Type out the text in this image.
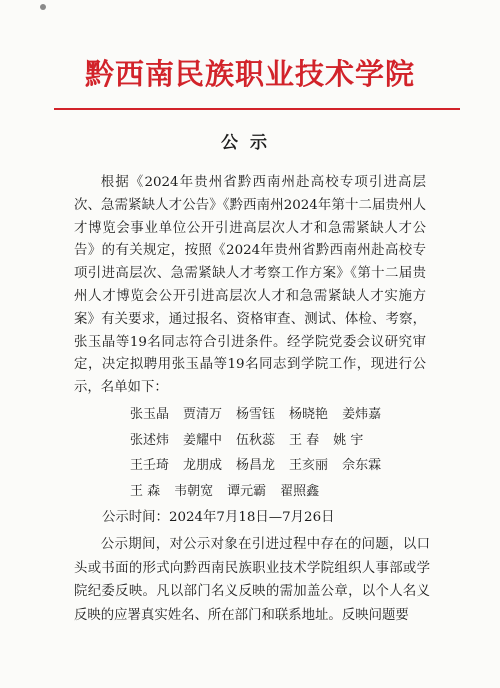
黔西南民族职业技术学院
公示

根据《2024年贵州省黔西南州赴高校专项引进高层次、急需紧缺人才公告》《黔西南州2024年第十二届贵州人才博览会事业单位公开引进高层次人才和急需紧缺人才公告》的有关规定，按照《2024年贵州省黔西南州赴高校专项引进高层次、急需紧缺人才考察工作方案》《第十二届贵州人才博览会公开引进高层次人才和急需紧缺人才实施方案》有关要求，通过报名、资格审查、测试、体检、考察，张玉晶等19名同志符合引进条件。经学院党委会议研究审定，决定拟聘用张玉晶等19名同志到学院工作，现进行公示，名单如下：

张玉晶 贾清万 杨雪钰 杨晓艳 姜炜嘉
张述炜 姜耀中 伍秋蕊 王 春 姚 宇
王壬琦 龙朋成 杨昌龙 王亥丽 佘东霖
王 森 韦朝宽 谭元霸 翟照鑫
公示时间：2024年7月18日—7月26日

公示期间，对公示对象在引进过程中存在的问题，以口头或书面的形式向黔西南民族职业技术学院组织人事部或学院纪委反映。凡以部门名义反映的需加盖公章，以个人名义反映的应署真实姓名、所在部门和联系地址。反映问题要
